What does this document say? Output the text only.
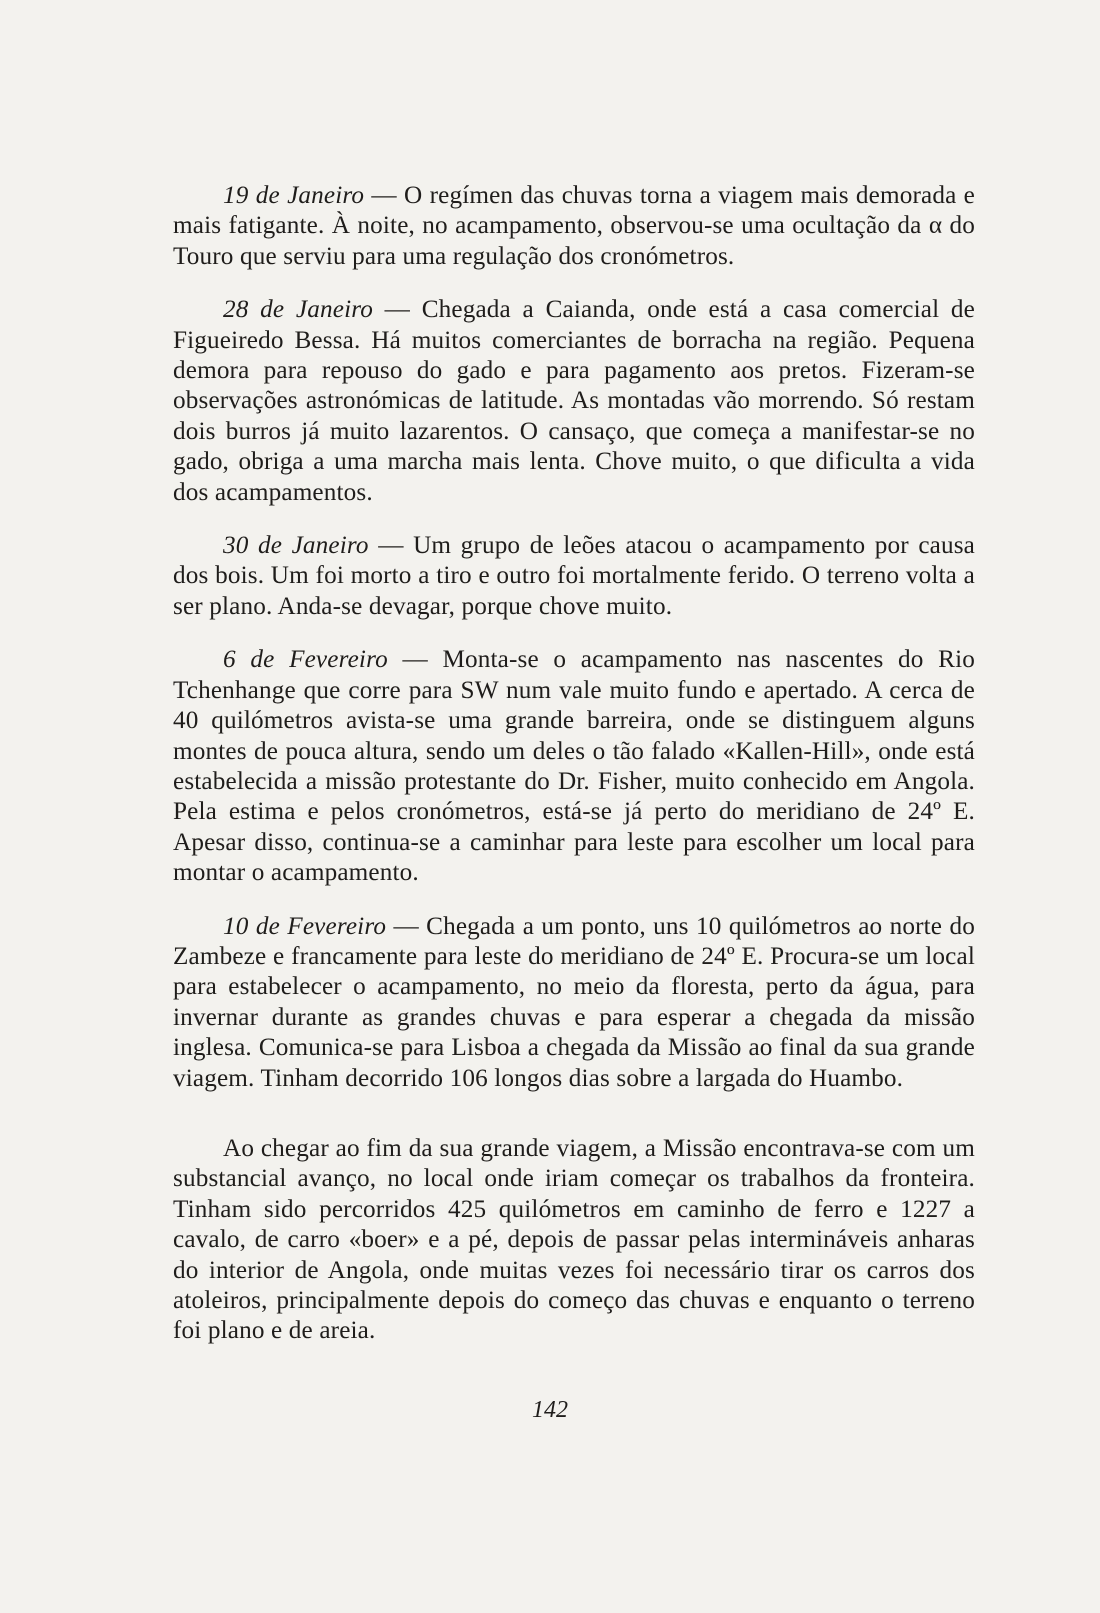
19 de Janeiro — O regímen das chuvas torna a viagem mais demorada e mais fatigante. À noite, no acampamento, observou-se uma ocultação da α do Touro que serviu para uma regulação dos cronómetros.

28 de Janeiro — Chegada a Caianda, onde está a casa comercial de Figueiredo Bessa. Há muitos comerciantes de borracha na região. Pequena demora para repouso do gado e para pagamento aos pretos. Fizeram-se observações astronómicas de latitude. As montadas vão morrendo. Só restam dois burros já muito lazarentos. O cansaço, que começa a manifestar-se no gado, obriga a uma marcha mais lenta. Chove muito, o que dificulta a vida dos acampamentos.

30 de Janeiro — Um grupo de leões atacou o acampamento por causa dos bois. Um foi morto a tiro e outro foi mortalmente ferido. O terreno volta a ser plano. Anda-se devagar, porque chove muito.

6 de Fevereiro — Monta-se o acampamento nas nascentes do Rio Tchenhange que corre para SW num vale muito fundo e apertado. A cerca de 40 quilómetros avista-se uma grande barreira, onde se distinguem alguns montes de pouca altura, sendo um deles o tão falado «Kallen-Hill», onde está estabelecida a missão protestante do Dr. Fisher, muito conhecido em Angola. Pela estima e pelos cronómetros, está-se já perto do meridiano de 24º E. Apesar disso, continua-se a caminhar para leste para escolher um local para montar o acampamento.

10 de Fevereiro — Chegada a um ponto, uns 10 quilómetros ao norte do Zambeze e francamente para leste do meridiano de 24º E. Procura-se um local para estabelecer o acampamento, no meio da floresta, perto da água, para invernar durante as grandes chuvas e para esperar a chegada da missão inglesa. Comunica-se para Lisboa a chegada da Missão ao final da sua grande viagem. Tinham decorrido 106 longos dias sobre a largada do Huambo.

Ao chegar ao fim da sua grande viagem, a Missão encontrava-se com um substancial avanço, no local onde iriam começar os trabalhos da fronteira. Tinham sido percorridos 425 quilómetros em caminho de ferro e 1227 a cavalo, de carro «boer» e a pé, depois de passar pelas intermináveis anharas do interior de Angola, onde muitas vezes foi necessário tirar os carros dos atoleiros, principalmente depois do começo das chuvas e enquanto o terreno foi plano e de areia.

142
